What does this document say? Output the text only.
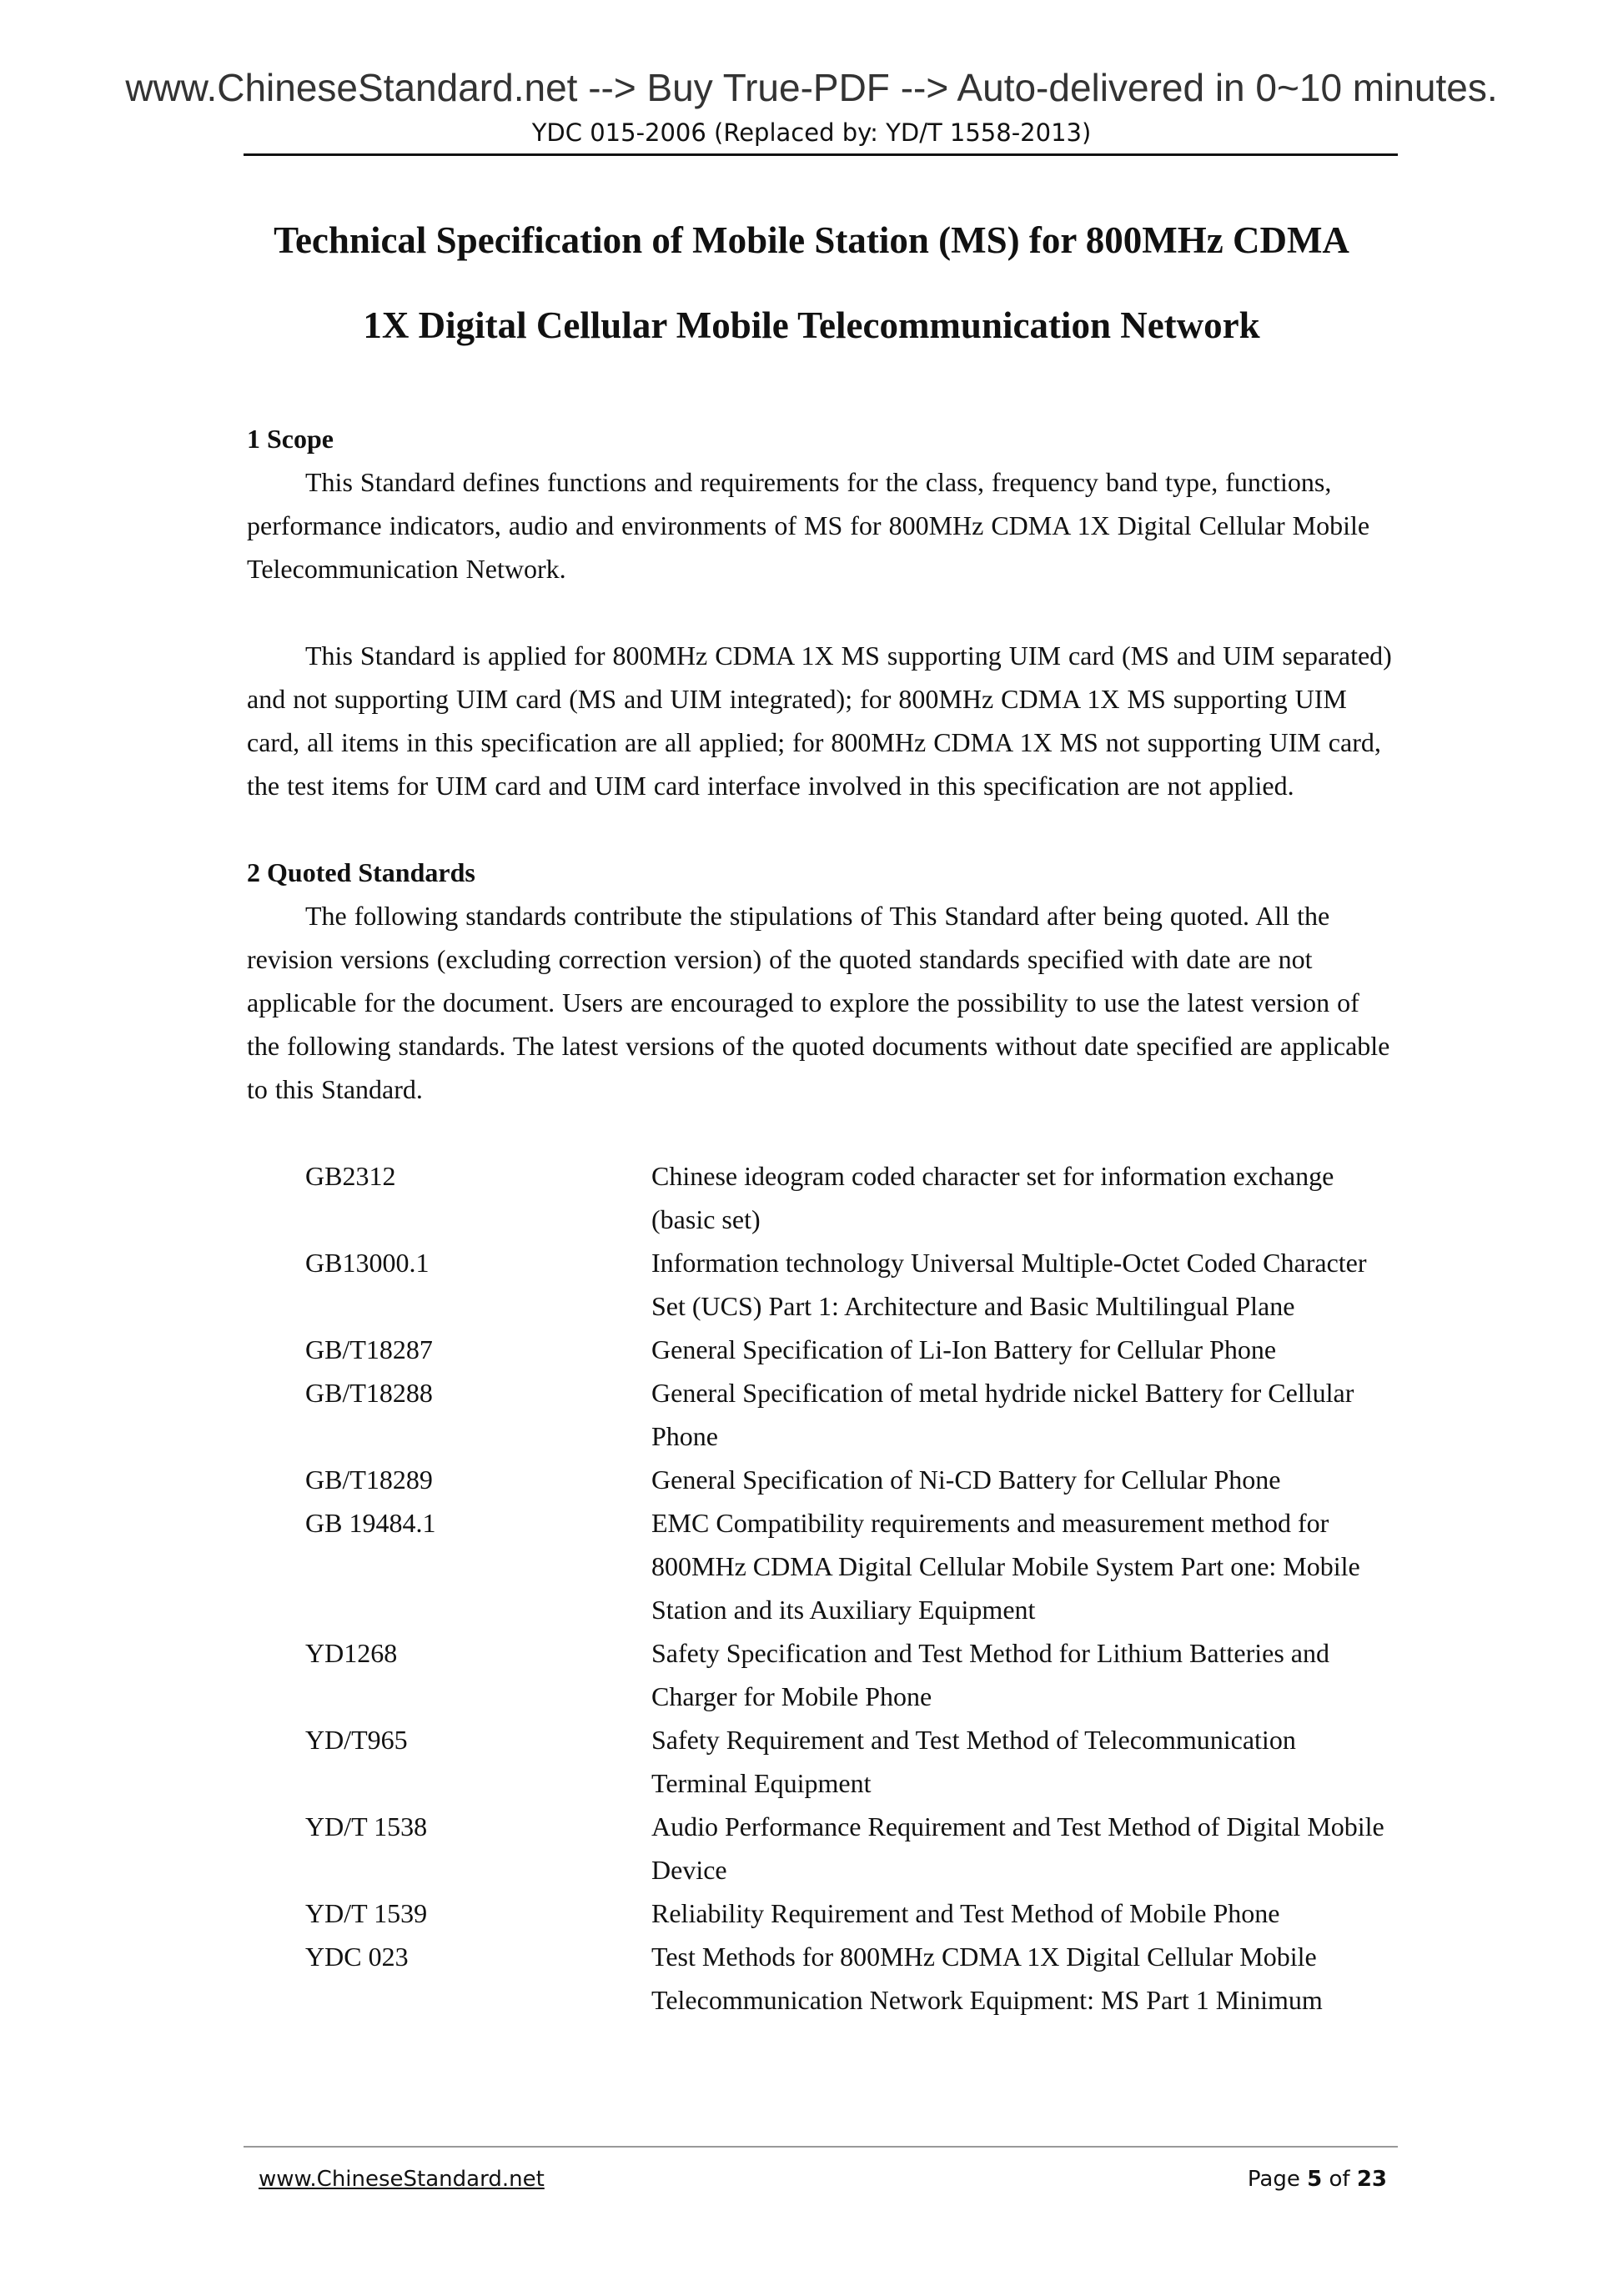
www.ChineseStandard.net --> Buy True-PDF --> Auto-delivered in 0~10 minutes.
YDC 015-2006 (Replaced by: YD/T 1558-2013)
Technical Specification of Mobile Station (MS) for 800MHz CDMA
1X Digital Cellular Mobile Telecommunication Network

1 Scope

This Standard defines functions and requirements for the class, frequency band type, functions, performance indicators, audio and environments of MS for 800MHz CDMA 1X Digital Cellular Mobile Telecommunication Network.

This Standard is applied for 800MHz CDMA 1X MS supporting UIM card (MS and UIM separated) and not supporting UIM card (MS and UIM integrated); for 800MHz CDMA 1X MS supporting UIM card, all items in this specification are all applied; for 800MHz CDMA 1X MS not supporting UIM card, the test items for UIM card and UIM card interface involved in this specification are not applied.

2 Quoted Standards

The following standards contribute the stipulations of This Standard after being quoted. All the revision versions (excluding correction version) of the quoted standards specified with date are not applicable for the document. Users are encouraged to explore the possibility to use the latest version of the following standards. The latest versions of the quoted documents without date specified are applicable to this Standard.

GB2312	Chinese ideogram coded character set for information exchange (basic set)
GB13000.1	Information technology Universal Multiple-Octet Coded Character Set (UCS) Part 1: Architecture and Basic Multilingual Plane
GB/T18287	General Specification of Li-Ion Battery for Cellular Phone
GB/T18288	General Specification of metal hydride nickel Battery for Cellular Phone
GB/T18289	General Specification of Ni-CD Battery for Cellular Phone
GB 19484.1	EMC Compatibility requirements and measurement method for 800MHz CDMA Digital Cellular Mobile System Part one: Mobile Station and its Auxiliary Equipment
YD1268	Safety Specification and Test Method for Lithium Batteries and Charger for Mobile Phone
YD/T965	Safety Requirement and Test Method of Telecommunication Terminal Equipment
YD/T 1538	Audio Performance Requirement and Test Method of Digital Mobile Device
YD/T 1539	Reliability Requirement and Test Method of Mobile Phone
YDC 023	Test Methods for 800MHz CDMA 1X Digital Cellular Mobile Telecommunication Network Equipment: MS Part 1 Minimum
www.ChineseStandard.net	Page 5 of 23
